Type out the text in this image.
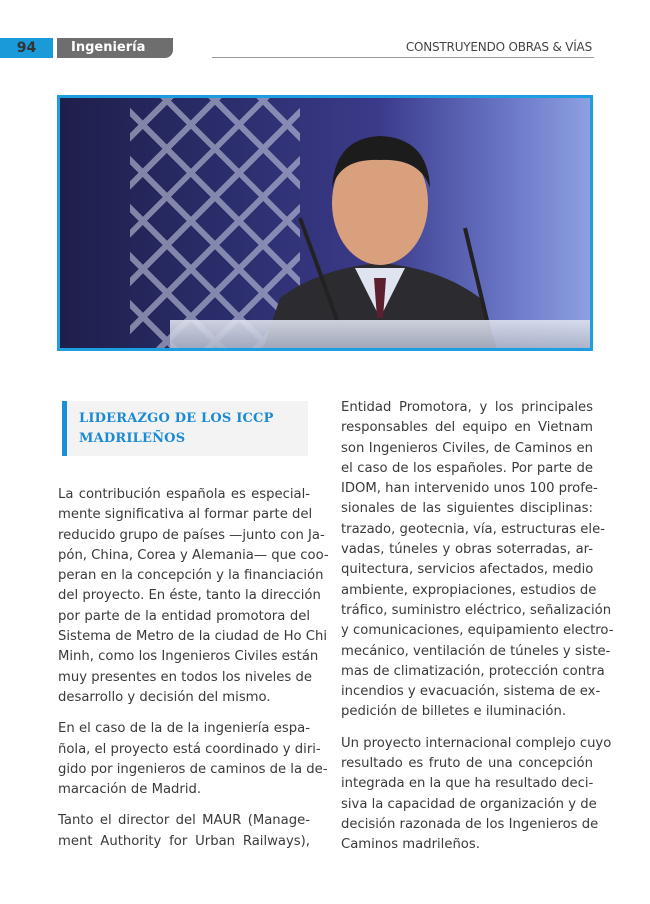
94	Ingeniería Civil
CONSTRUYENDO OBRAS & VÍAS
LIDERAZGO DE LOS ICCP
MADRILEÑOS
La contribución española es especial-
mente significativa al formar parte del
reducido grupo de países —junto con Ja-
pón, China, Corea y Alemania— que coo-
peran en la concepción y la financiación
del proyecto. En éste, tanto la dirección
por parte de la entidad promotora del
Sistema de Metro de la ciudad de Ho Chi
Minh, como los Ingenieros Civiles están
muy presentes en todos los niveles de
desarrollo y decisión del mismo.
En el caso de la de la ingeniería espa-
ñola, el proyecto está coordinado y diri-
gido por ingenieros de caminos de la de-
marcación de Madrid.
Tanto el director del MAUR (Manage-
ment Authority for Urban Railways),
Entidad Promotora, y los principales
responsables del equipo en Vietnam
son Ingenieros Civiles, de Caminos en
el caso de los españoles. Por parte de
IDOM, han intervenido unos 100 profe-
sionales de las siguientes disciplinas:
trazado, geotecnia, vía, estructuras ele-
vadas, túneles y obras soterradas, ar-
quitectura, servicios afectados, medio
ambiente, expropiaciones, estudios de
tráfico, suministro eléctrico, señalización
y comunicaciones, equipamiento electro-
mecánico, ventilación de túneles y siste-
mas de climatización, protección contra
incendios y evacuación, sistema de ex-
pedición de billetes e iluminación.
Un proyecto internacional complejo cuyo
resultado es fruto de una concepción
integrada en la que ha resultado deci-
siva la capacidad de organización y de
decisión razonada de los Ingenieros de
Caminos madrileños.
